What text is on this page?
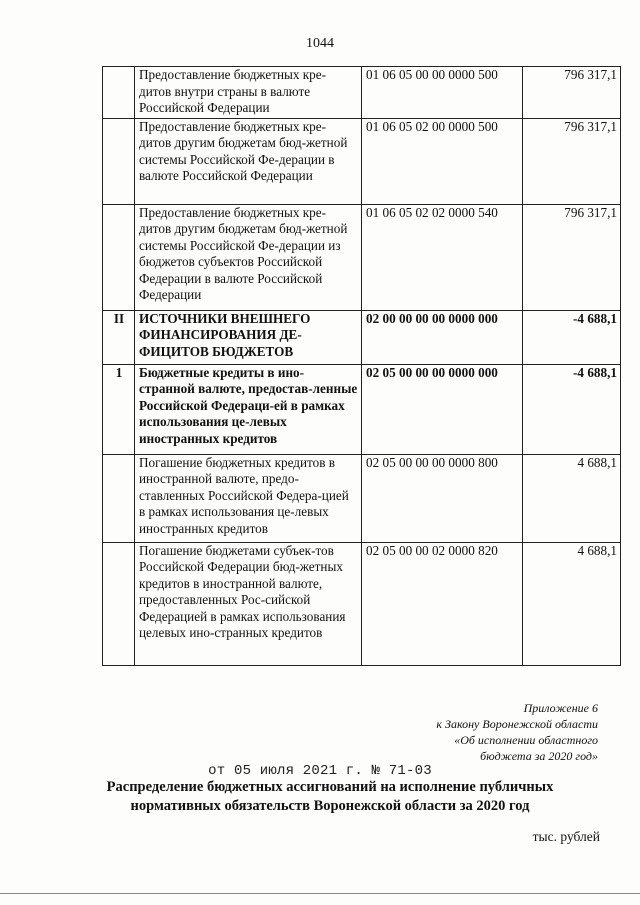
1044
	Предоставление бюджетных кре-дитов внутри страны в валюте Российской Федерации	01 06 05 00 00 0000 500	796 317,1
	Предоставление бюджетных кре-дитов другим бюджетам бюд-жетной системы Российской Фе-дерации в валюте Российской Федерации	01 06 05 02 00 0000 500	796 317,1
	Предоставление бюджетных кре-дитов другим бюджетам бюд-жетной системы Российской Фе-дерации из бюджетов субъектов Российской Федерации в валюте Российской Федерации	01 06 05 02 02 0000 540	796 317,1
II	ИСТОЧНИКИ ВНЕШНЕГО ФИНАНСИРОВАНИЯ ДЕ-ФИЦИТОВ БЮДЖЕТОВ	02 00 00 00 00 0000 000	-4 688,1
1	Бюджетные кредиты в ино-странной валюте, предостав-ленные Российской Федераци-ей в рамках использования це-левых иностранных кредитов	02 05 00 00 00 0000 000	-4 688,1
	Погашение бюджетных кредитов в иностранной валюте, предо-ставленных Российской Федера-цией в рамках использования це-левых иностранных кредитов	02 05 00 00 00 0000 800	4 688,1
	Погашение бюджетами субъек-тов Российской Федерации бюд-жетных кредитов в иностранной валюте, предоставленных Рос-сийской Федерацией в рамках использования целевых ино-странных кредитов	02 05 00 00 02 0000 820	4 688,1
Приложение 6
к Закону Воронежской области
«Об исполнении областного
бюджета за 2020 год»
от 05 июля 2021 г. № 71-03
Распределение бюджетных ассигнований на исполнение публичных
нормативных обязательств Воронежской области за 2020 год
тыс. рублей
